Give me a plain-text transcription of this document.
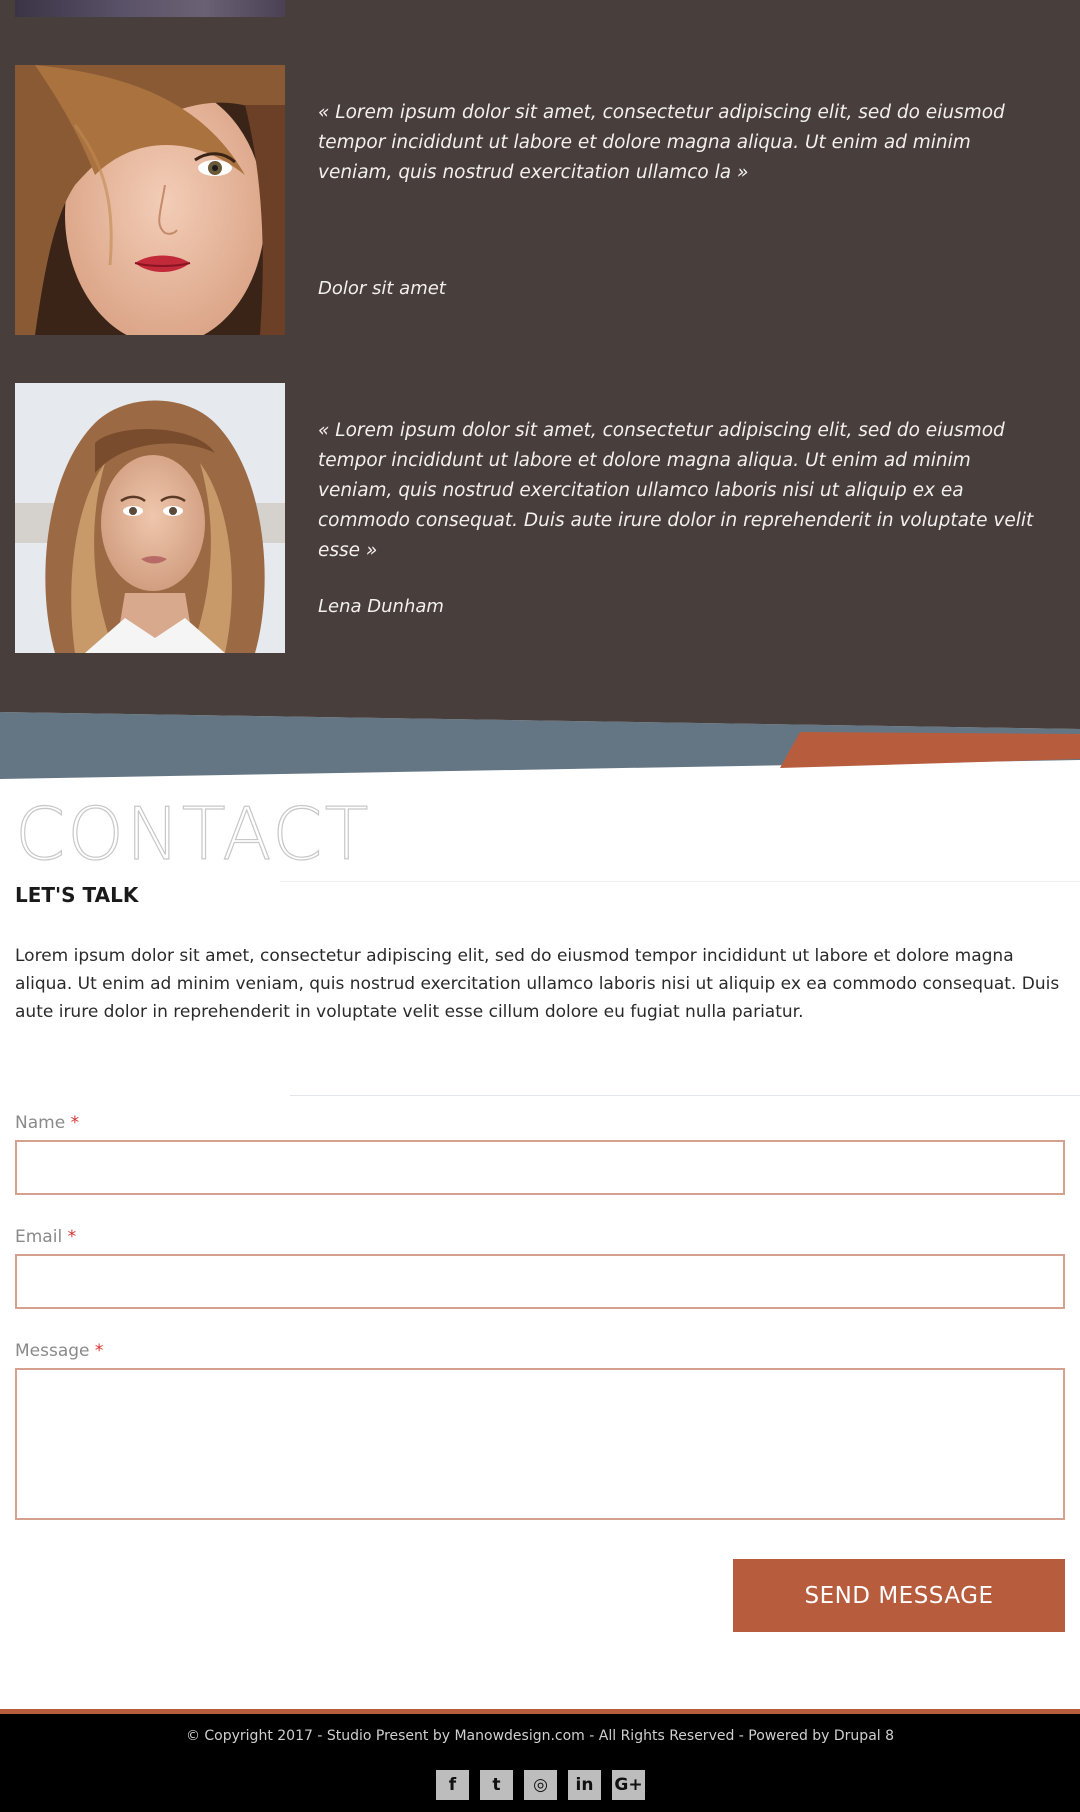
« Lorem ipsum dolor sit amet, consectetur adipiscing elit, sed do eiusmod tempor incididunt ut labore et dolore magna aliqua. Ut enim ad minim veniam, quis nostrud exercitation ullamco la »

Dolor sit amet

« Lorem ipsum dolor sit amet, consectetur adipiscing elit, sed do eiusmod tempor incididunt ut labore et dolore magna aliqua. Ut enim ad minim veniam, quis nostrud exercitation ullamco laboris nisi ut aliquip ex ea commodo consequat. Duis aute irure dolor in reprehenderit in voluptate velit esse »

Lena Dunham

CONTACT
LET'S TALK

Lorem ipsum dolor sit amet, consectetur adipiscing elit, sed do eiusmod tempor incididunt ut labore et dolore magna aliqua. Ut enim ad minim veniam, quis nostrud exercitation ullamco laboris nisi ut aliquip ex ea commodo consequat. Duis aute irure dolor in reprehenderit in voluptate velit esse cillum dolore eu fugiat nulla pariatur.

Name *
Email *
Message *
SEND MESSAGE

© Copyright 2017 - Studio Present by Manowdesign.com - All Rights Reserved - Powered by Drupal 8

f	t	◎	in	G+
